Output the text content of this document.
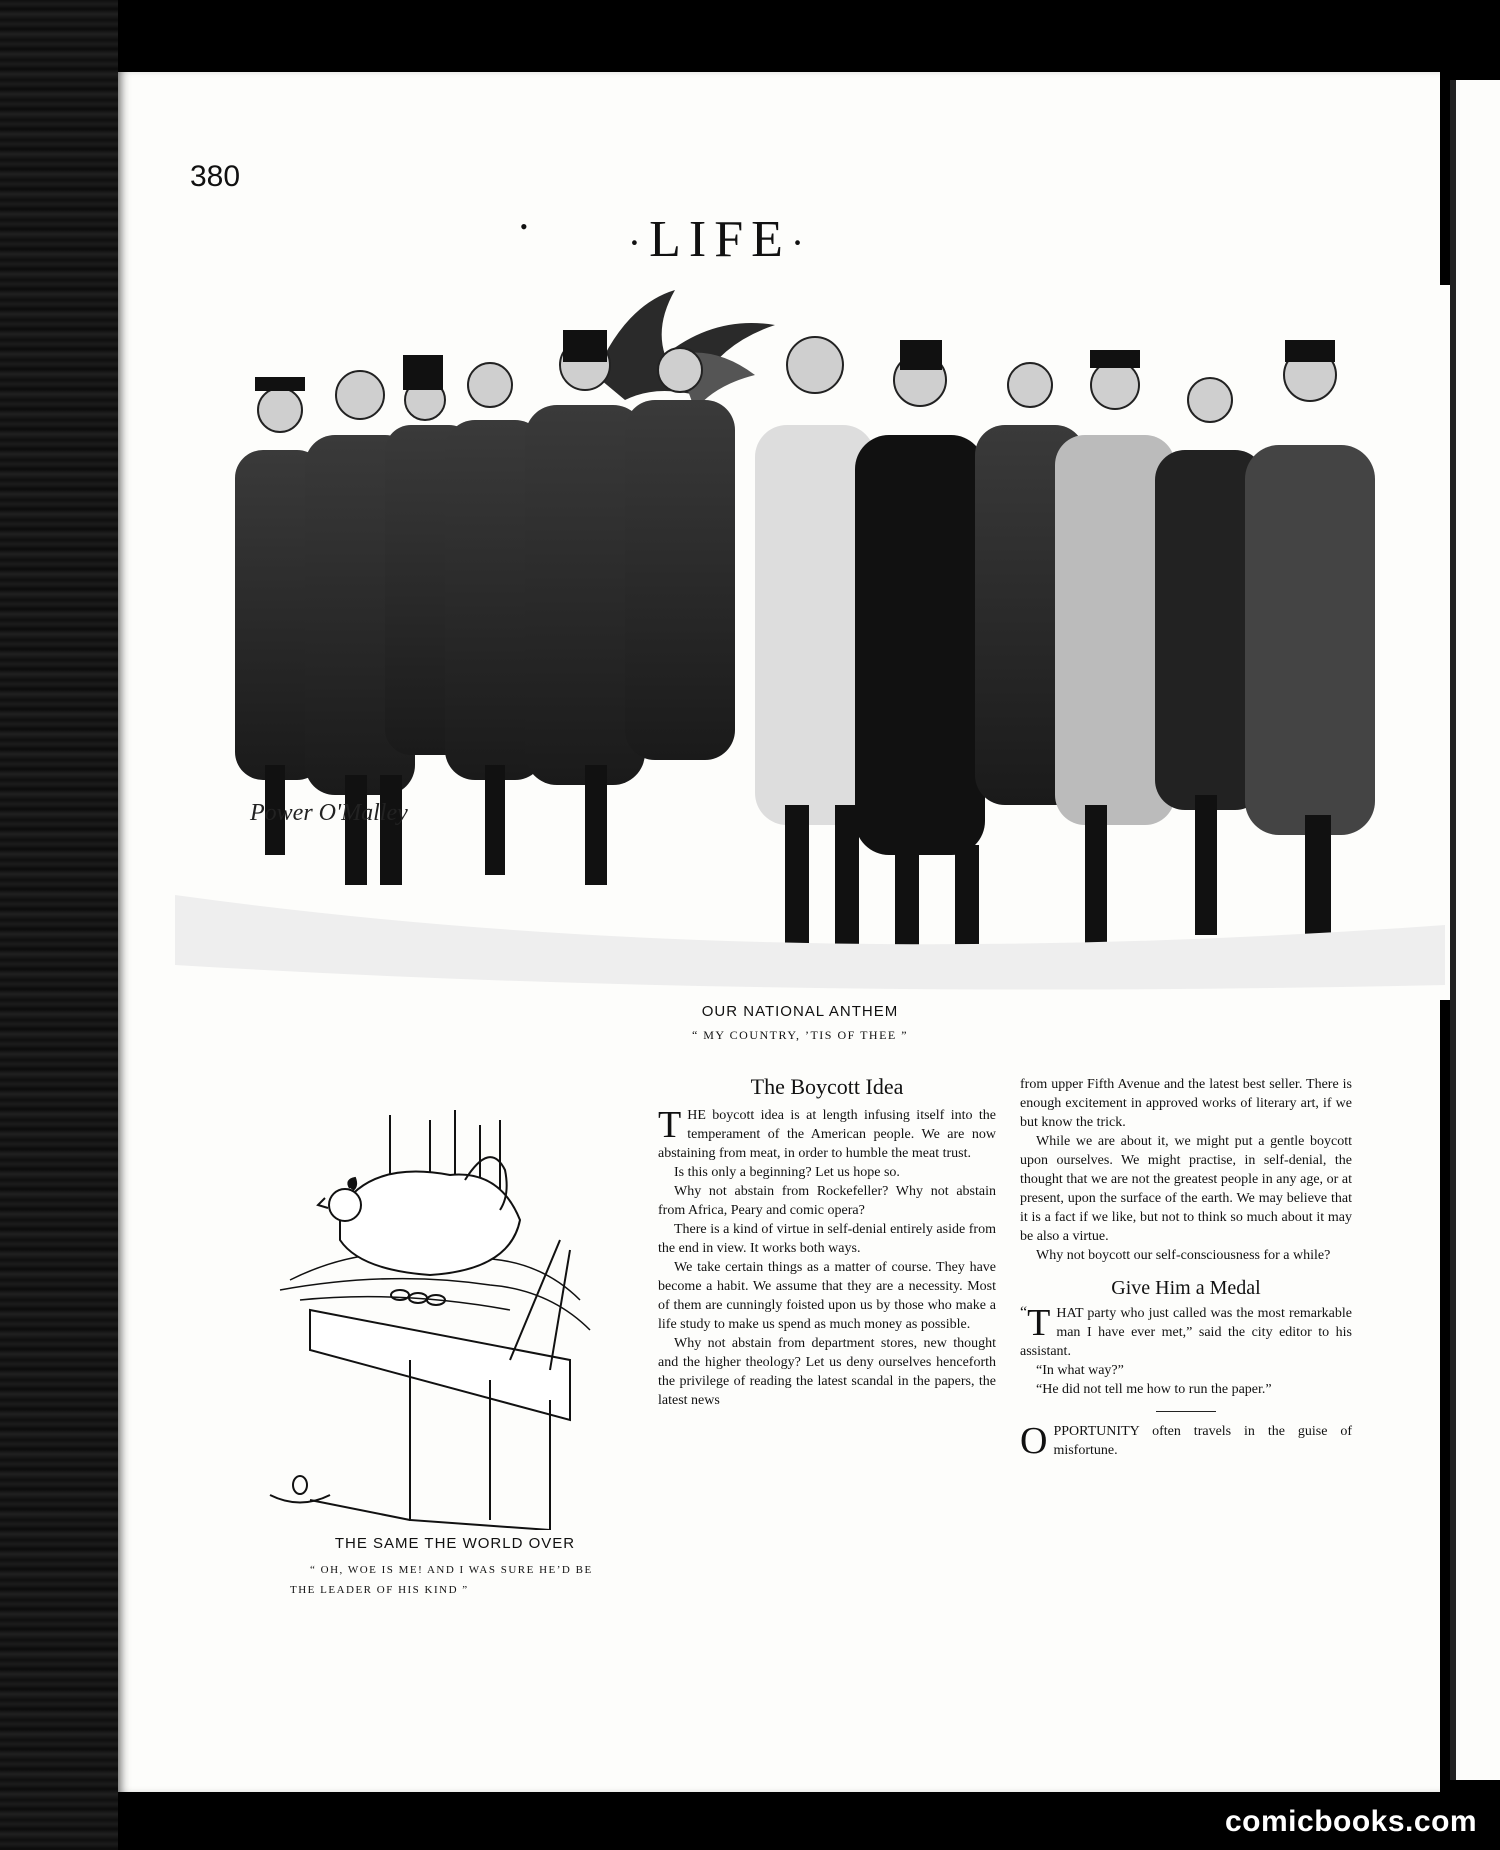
380
•	·LIFE·
Power O'Malley
OUR NATIONAL ANTHEM
“ MY COUNTRY, ’TIS OF THEE ”
THE SAME THE WORLD OVER
“ OH, WOE IS ME! AND I WAS SURE HE’D BE THE LEADER OF HIS KIND ”
The Boycott Idea

THE boycott idea is at length infusing itself into the temperament of the American people. We are now abstaining from meat, in order to humble the meat trust.

Is this only a beginning? Let us hope so.

Why not abstain from Rockefeller? Why not abstain from Africa, Peary and comic opera?

There is a kind of virtue in self-denial entirely aside from the end in view. It works both ways.

We take certain things as a matter of course. They have become a habit. We assume that they are a necessity. Most of them are cunningly foisted upon us by those who make a life study to make us spend as much money as possible.

Why not abstain from department stores, new thought and the higher theology? Let us deny ourselves henceforth the privilege of reading the latest scandal in the papers, the latest news

from upper Fifth Avenue and the latest best seller. There is enough excitement in approved works of literary art, if we but know the trick.

While we are about it, we might put a gentle boycott upon ourselves. We might practise, in self-denial, the thought that we are not the greatest people in any age, or at present, upon the surface of the earth. We may believe that it is a fact if we like, but not to think so much about it may be also a virtue.

Why not boycott our self-consciousness for a while?

Give Him a Medal

“ T HAT party who just called was the most remarkable man I have ever met,” said the city editor to his assistant.

“In what way?”

“He did not tell me how to run the paper.”

OPPORTUNITY often travels in the guise of misfortune.

comicbooks.com
